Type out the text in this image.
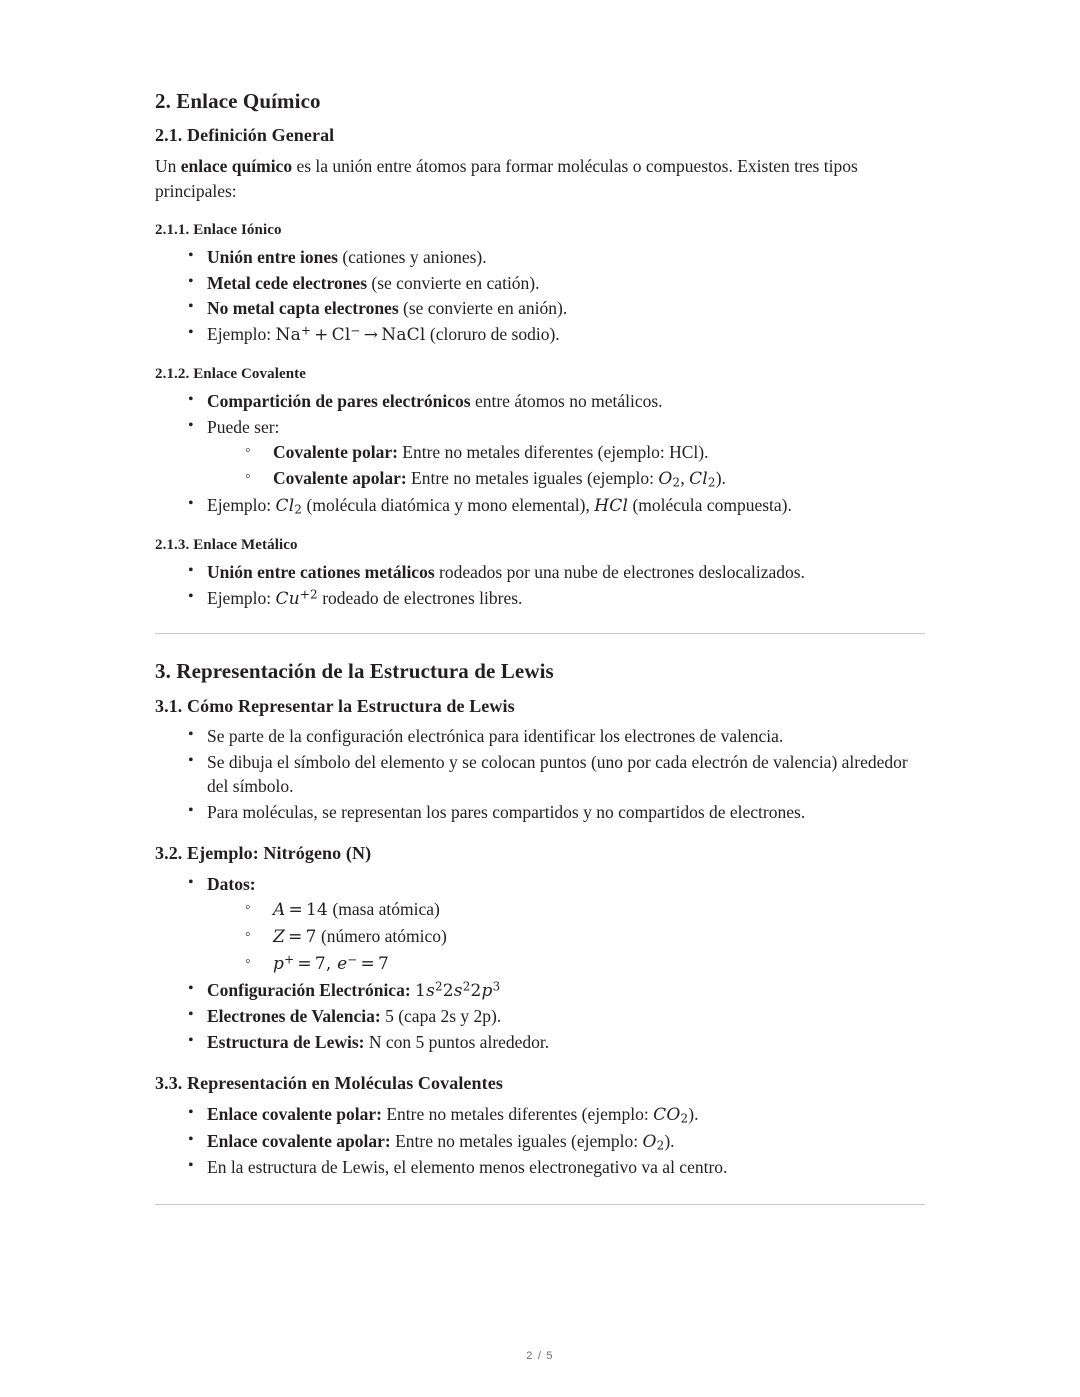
2. Enlace Químico
2.1. Definición General

Un enlace químico es la unión entre átomos para formar moléculas o compuestos. Existen tres tipos principales:

2.1.1. Enlace Iónico
• Unión entre iones (cationes y aniones).
• Metal cede electrones (se convierte en catión).
• No metal capta electrones (se convierte en anión).
• Ejemplo: Na+ + Cl− → NaCl (cloruro de sodio).
2.1.2. Enlace Covalente
• Compartición de pares electrónicos entre átomos no metálicos.
• Puede ser:
◦ Covalente polar: Entre no metales diferentes (ejemplo: HCl).
◦ Covalente apolar: Entre no metales iguales (ejemplo: $O_2$, $Cl_2$).
• Ejemplo: $Cl_2$ (molécula diatómica y mono elemental), HCl (molécula compuesta).
2.1.3. Enlace Metálico
• Unión entre cationes metálicos rodeados por una nube de electrones deslocalizados.
• Ejemplo: $Cu^{+2}$ rodeado de electrones libres.
3. Representación de la Estructura de Lewis
3.1. Cómo Representar la Estructura de Lewis
• Se parte de la configuración electrónica para identificar los electrones de valencia.
• Se dibuja el símbolo del elemento y se colocan puntos (uno por cada electrón de valencia) alrededor del símbolo.
• Para moléculas, se representan los pares compartidos y no compartidos de electrones.
3.2. Ejemplo: Nitrógeno (N)
• Datos:
◦ A = 14 (masa atómica)
◦ Z = 7 (número atómico)
◦ p+ = 7, e− = 7
• Configuración Electrónica: $1s^22s^22p^3$
• Electrones de Valencia: 5 (capa 2s y 2p).
• Estructura de Lewis: N con 5 puntos alrededor.
3.3. Representación en Moléculas Covalentes
• Enlace covalente polar: Entre no metales diferentes (ejemplo: $CO_2$).
• Enlace covalente apolar: Entre no metales iguales (ejemplo: $O_2$).
• En la estructura de Lewis, el elemento menos electronegativo va al centro.
2 / 5
